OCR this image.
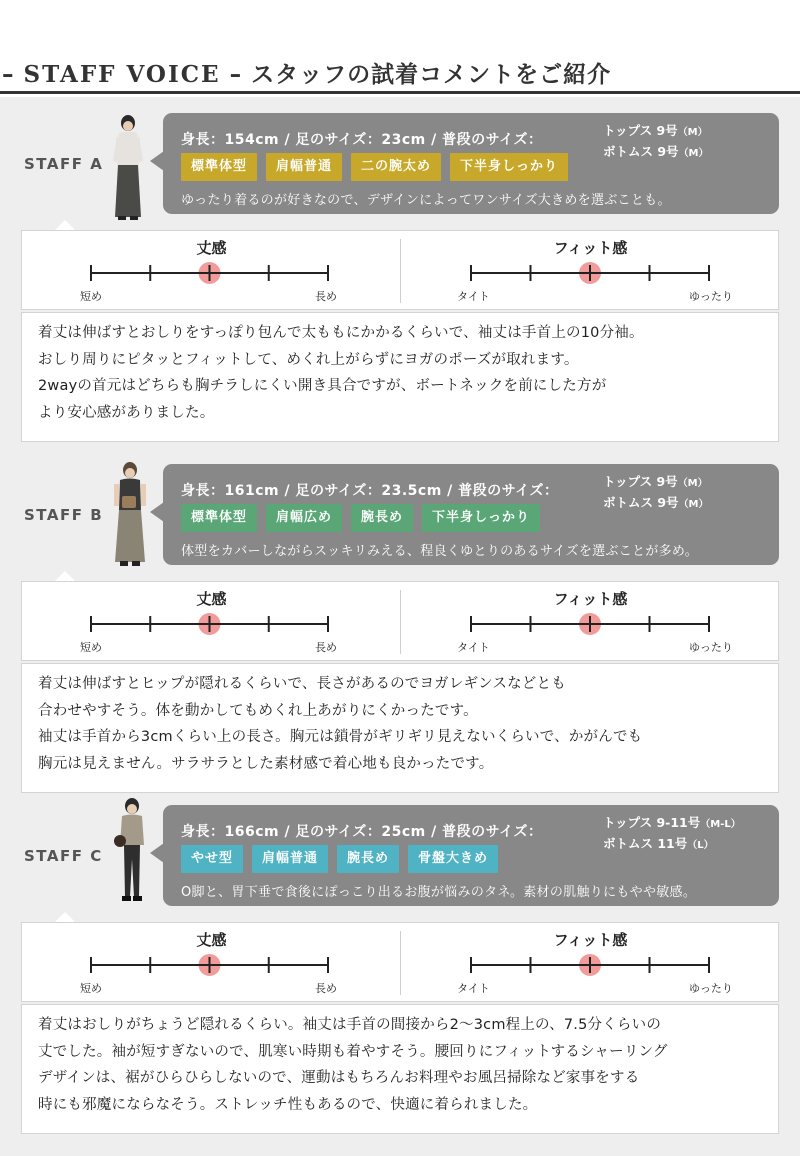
– STAFF VOICE – スタッフの試着コメントをご紹介
STAFF A
身長：154cm / 足のサイズ：23cm / 普段のサイズ：
トップス 9号（M）
ボトムス 9号（M）
標準体型 肩幅普通 二の腕太め 下半身しっかり
ゆったり着るのが好きなので、デザインによってワンサイズ大きめを選ぶことも。
丈感
短め	長め
フィット感
タイト	ゆったり

着丈は伸ばすとおしりをすっぽり包んで太ももにかかるくらいで、袖丈は手首上の10分袖。

おしり周りにピタッとフィットして、めくれ上がらずにヨガのポーズが取れます。

2wayの首元はどちらも胸チラしにくい開き具合ですが、ボートネックを前にした方が

より安心感がありました。

STAFF B
身長：161cm / 足のサイズ：23.5cm / 普段のサイズ：
トップス 9号（M）
ボトムス 9号（M）
標準体型 肩幅広め 腕長め 下半身しっかり
体型をカバーしながらスッキリみえる、程良くゆとりのあるサイズを選ぶことが多め。
丈感
短め	長め
フィット感
タイト	ゆったり

着丈は伸ばすとヒップが隠れるくらいで、長さがあるのでヨガレギンスなどとも

合わせやすそう。体を動かしてもめくれ上あがりにくかったです。

袖丈は手首から3cmくらい上の長さ。胸元は鎖骨がギリギリ見えないくらいで、かがんでも

胸元は見えません。サラサラとした素材感で着心地も良かったです。

STAFF C
身長：166cm / 足のサイズ：25cm / 普段のサイズ：
トップス 9-11号（M-L）
ボトムス 11号（L）
やせ型 肩幅普通 腕長め 骨盤大きめ
O脚と、胃下垂で食後にぽっこり出るお腹が悩みのタネ。素材の肌触りにもやや敏感。
丈感
短め	長め
フィット感
タイト	ゆったり

着丈はおしりがちょうど隠れるくらい。袖丈は手首の間接から2〜3cm程上の、7.5分くらいの

丈でした。袖が短すぎないので、肌寒い時期も着やすそう。腰回りにフィットするシャーリング

デザインは、裾がひらひらしないので、運動はもちろんお料理やお風呂掃除など家事をする

時にも邪魔にならなそう。ストレッチ性もあるので、快適に着られました。
